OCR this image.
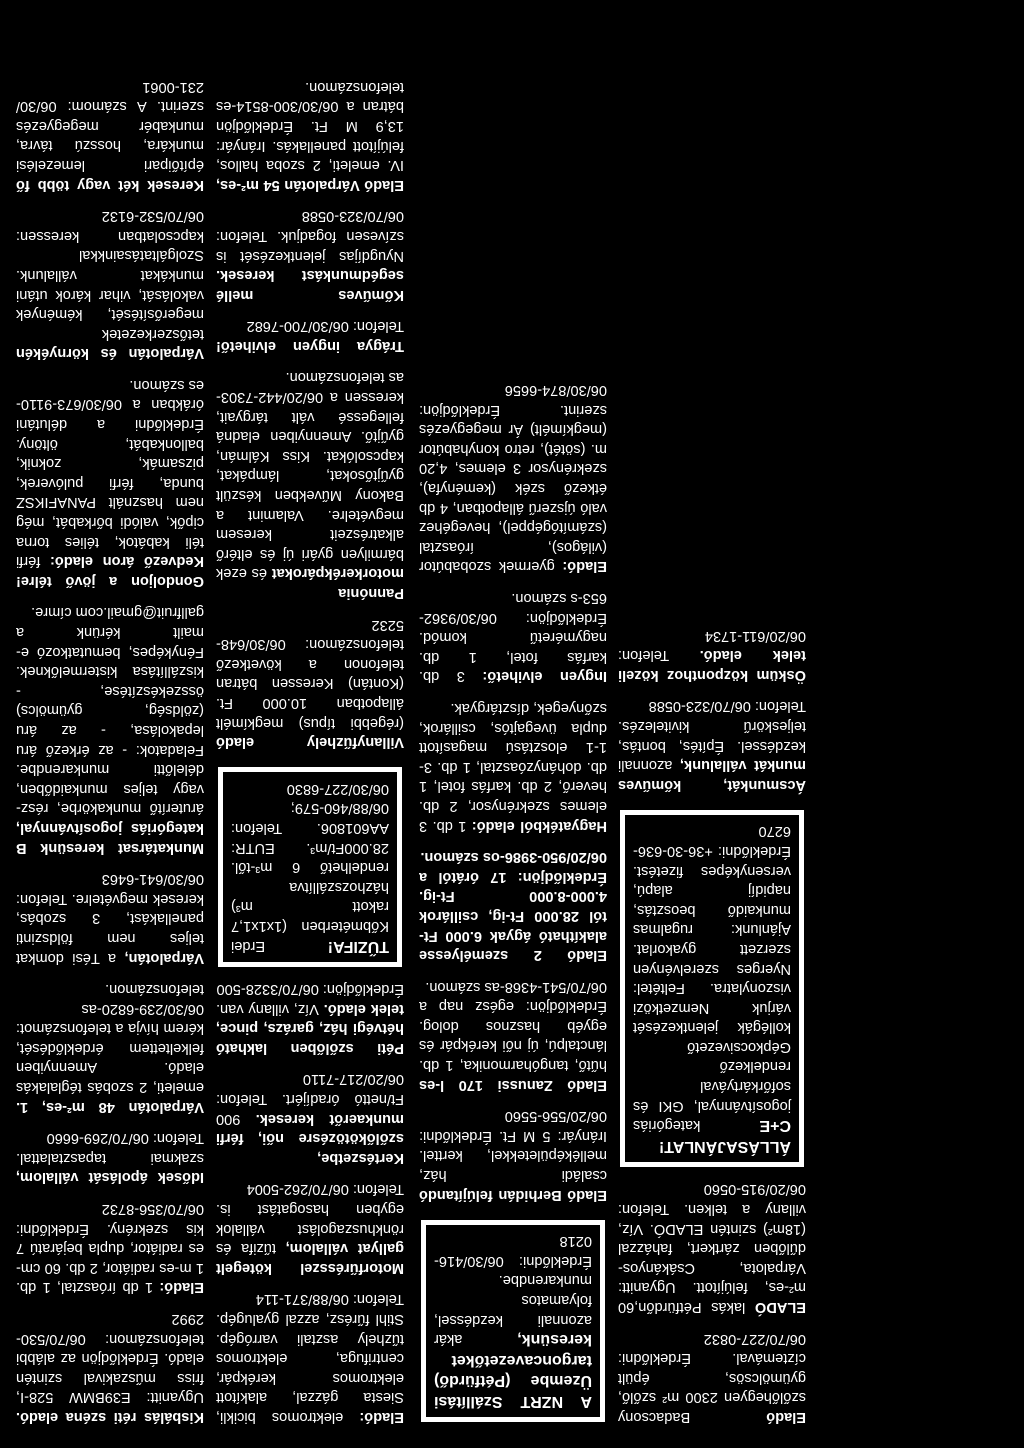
Eladó Badacsony szőlőhegyen 2300 m² szőlő, gyümölcsös, épült cíztemával. Érdeklődni: 06/70/227-0832
ELADÓ lakás Pétfürdőn,60 m²-es, felújított. Ugyanitt: Várpalota, Csákányos-dűlőben zártkert, faházzal (18m²) szintén ELADÓ. Víz, villany a telken. Telefon: 06/20/915-0560
ÁLLÁSAJÁNLAT! C+E kategóriás jogosítvánnyal, GKI és sofőrkártyával rendelkező Gépkocsivezető kollégák jelentkezését várjuk Nemzetközi viszonylatra. Feltétel: Nyerges szerelvényen szerzett gyakorlat. Ajánlunk: rugalmas munkaidő beosztás, napidíj alapú, versenyképes fizetést. Érdeklődni: +36-30-636-6270
Ácsmunkát, kőműves munkát vállalunk, azonnali kezdéssel. Építés, bontás, teljeskörű kivitelezés. Telefon: 06/70/323-0588
Ösküm központhoz közeli telek eladó. Telefon: 06/20/611-1734
A NZRT Szállítási Üzembe (Pétfürdő) targoncavezetőket keresünk, akár azonnali kezdéssel, folyamatos munkarendbe. Érdeklődni: 06/30/416-0218
Eladó Berhidán felújítandó családi ház, melléképületekkel, kerttel. Irányár: 5 M Ft. Érdeklődni: 06/20/556-5560
Eladó Zanussi 170 l-es hűtő, tangóharmonika, 1 db. lánctalpú, új női kerékpár és egyéb hasznos dolog. Érdeklődjön: egész nap a 06/70/541-4368-as számon.
Eladó 2 személyesse alakítható ágyak 6.000 Ft-tól 28.000 Ft-ig, csillárok 4.000-8.000 Ft-ig. Érdeklődjön: 17 órától a 06/20/950-3986-os számon.
Hagyatékból eladó: 1 db. 3 elemes szekrénysor, 2 db. heverő, 2 db. karfás fotel, 1 db. dohányzóasztal, 1 db. 3-1-1 elosztású magasított dupla üvegajtós, csillárok, szőnyegek, dísztárgyak.
Ingyen elvihető: 3 db. karfás fotel, 1 db. nagyméretű komód. Érdeklődjön: 06/30/9362-653-s számon.
Eladó: gyermek szobabútor (világos), íróasztal (számítógéppel), hevegéhez való újszerű állapotban, 4 db étkező szék (keményfa), szekrénysor 3 elemes, 4,20 m. (sötét), retro konyhabútor (megkímélt) Ár megegyezés szerint. Érdeklődjön: 06/30/874-6656
Eladó: elektromos bicikli, Siesta gázzal, alakított elektromos kerékpár, centrifuga, elektromos tűzhely asztali varrógép. Stihl fűrész, azzal gyalugép. Telefon: 06/88/371-114
Motorfűrésszel kötegelt gallyat vállalom, tűzifa és rönkhuszagolást vállalok egyben hasogatást is. Telefon: 06/70/262-5004
Kertészetbe, szőlőkötözésre női, férfi munkaerőt keresek. 900 Ft/nettó óradíjért. Telefon: 06/20/217-7110
Péti szőlőben lakható hétvégi ház, garázs, pince, telek eladó. Víz, villany van. Érdeklődjön: 06/70/3328-500
TŰZIFA! Erdei Kőbméterben (1x1x1,7 rakott m³) házhozszállítva rendelhető 6 m³-től. 28.000Ft/m³. EUTR: AA601806. Telefon: 06/88/460-579; 06/30/227-6830
Villanyfűzhely eladó (régebbi típus) megkímélt állapotban 10.000 Ft. (Kontán) Keressen bátran telefonon a következő telefonszámon: 06/30/648-5232
Pannónia motorkerékpárokat és ezek bármilyen gyári új és eltérő alkatrészeit keresem megvételre. Valamint a Bakony Művekben készült gyűjtősokat, lámpákat, kapcsolókat. Kiss Kálmán, gyűjtő. Amennyiben eladná fellegessé vált tárgyait, keressen a 06/20/442-7303-as telefonszámon.
Trágya ingyen elvihető! Telefon: 06/30/700-7682
Kőműves mellé segédmunkást keresek. Nyugdíjas jelentkezését is szívesen fogadjuk. Telefon: 06/70/323-0588
Eladó Várpalotán 54 m²-es, IV. emeleti, 2 szoba hallos, felújított panellakás. Irányár: 13,9 M Ft. Érdeklődjön bátran a 06/30/300-8514-es telefonszámon.
Kisbálás réti széna eladó. Ugyanitt: E39BMW 528-I, friss műszakival szintén eladó. Érdeklődjön az alábbi telefonszámon: 06/70/530-2992
Eladó: 1 db íróasztal, 1 db. 1 m-es radiátor, 2 db. 60 cm-es radiátor, dupla bejáratú 7 kis szekrény. Érdeklődni: 06/70/356-8732
Idősek ápolását vállalom, szakmai tapasztalattal. Telefon: 06/70/269-6660
Várpalotán 48 m²-es, 1. emeleti, 2 szobás téglalakás eladó. Amennyiben felkeltettem érdeklődését, kérem hívja a telefonszámot: 06/30/239-6820-as telefonszámon.
Várpalotán, a Tési domkat teljes nem földszinti panellakást, 3 szobás, keresek megvételre. Telefon: 06/30/641-6463
Munkatársat keresünk B kategóriás jogosítvánnyal, áruterítő munkakörbe, rész- vagy teljes munkaidőben, délelőtti munkarendbe. Feladatok: - az érkező áru lepakolása, - az áru (zöldség, gyümölcs) összekészítése, - kiszállítása kistermelőknek. Fényképes, bemutatkozó e-mailt kérünk a gallfruit@gmail.com címre.
Gondoljon a jövő télre! Kedvező áron eladó: férfi téli kabátok, télies torna cipők, valódi bőrkabát, még nem használt PANAFIKSZ bunda, férfi pulóverek, pizsamák, zoknik, ballonkabát, öltöny. Érdeklődni a délutáni órákban a 06/30/673-9110-es számon.
Várpalotán és környékén tetőszerkezetek megerősítését, kémények vakolását, vihar károk utáni munkákat vállalunk. Szolgáltatásainkkal kapcsolatban keressen: 06/70/532-6132
Keresek két vagy több fő építőipari lemezelési munkára, hosszú távra, munkabér megegyezés szerint. A számom: 06/30/ 231-0061
